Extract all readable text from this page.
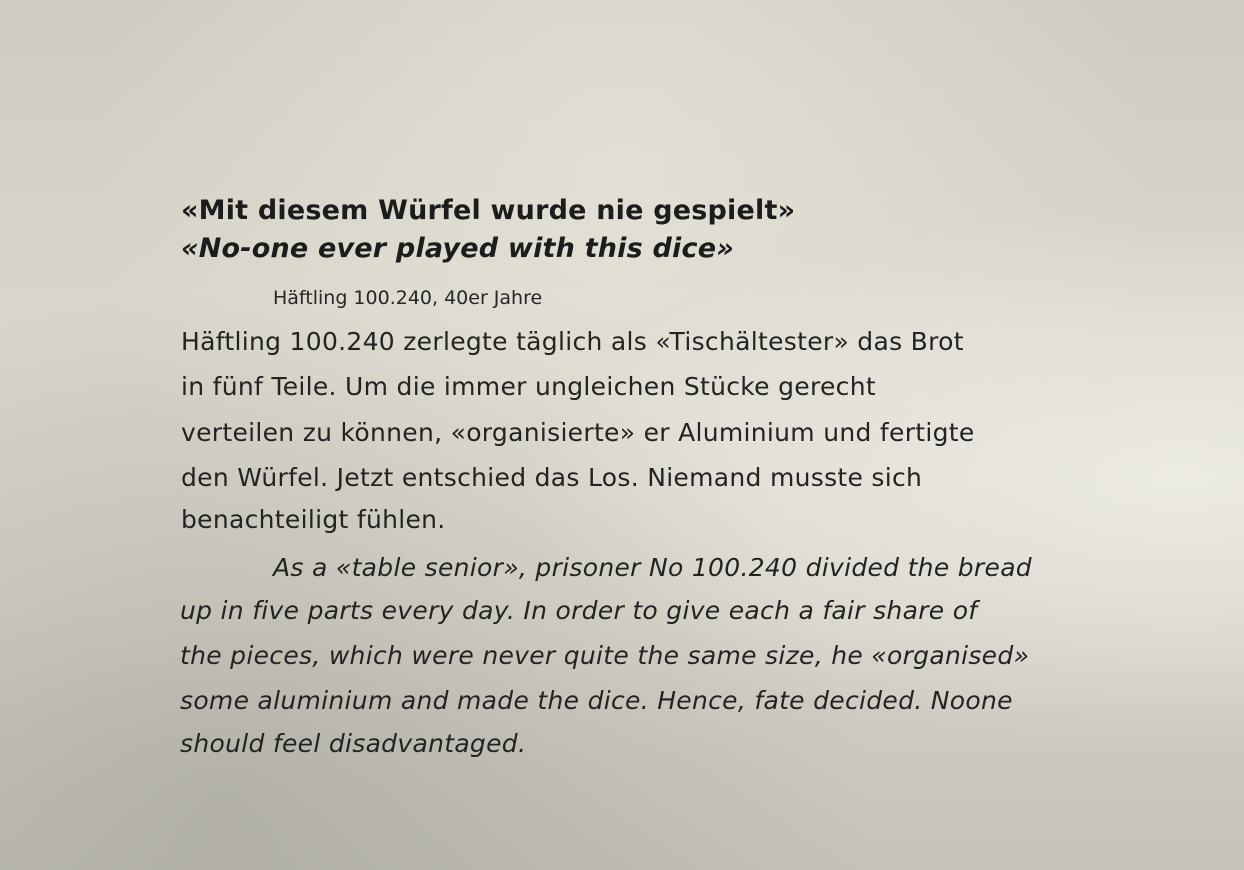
«Mit diesem Würfel wurde nie gespielt»
«No-one ever played with this dice»
Häftling 100.240, 40er Jahre
Häftling 100.240 zerlegte täglich als «Tischältester» das Brot
in fünf Teile. Um die immer ungleichen Stücke gerecht
verteilen zu können, «organisierte» er Aluminium und fertigte
den Würfel. Jetzt entschied das Los. Niemand musste sich
benachteiligt fühlen.
As a «table senior», prisoner No 100.240 divided the bread
up in five parts every day. In order to give each a fair share of
the pieces, which were never quite the same size, he «organised»
some aluminium and made the dice. Hence, fate decided. Noone
should feel disadvantaged.
